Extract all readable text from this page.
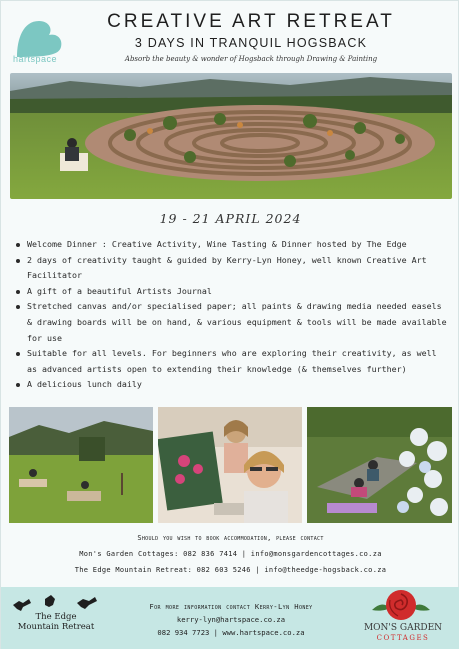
hartspace
CREATIVE ART RETREAT
3 DAYS IN TRANQUIL HOGSBACK
Absorb the beauty & wonder of Hogsback through Drawing & Painting
19 - 21 APRIL 2024
Welcome Dinner : Creative Activity, Wine Tasting & Dinner hosted by The Edge
2 days of creativity taught & guided by Kerry-Lyn Honey, well known Creative Art Facilitator
A gift of a beautiful Artists Journal
Stretched canvas and/or specialised paper; all paints & drawing media needed easels & drawing boards will be on hand, & various equipment & tools will be made available for use
Suitable for all levels. For beginners who are exploring their creativity, as well as advanced artists open to extending their knowledge (& themselves further)
A delicious lunch daily
Should you wish to book accommodation, please contact
Mon's Garden Cottages: 082 836 7414 | info@monsgardencottages.co.za
The Edge Mountain Retreat: 082 603 5246 | info@theedge-hogsback.co.za
The Edge
Mountain Retreat
For more information contact Kerry-Lyn Honey
kerry-lyn@hartspace.co.za
082 934 7723 | www.hartspace.co.za	MON'S GARDEN
COTTAGES
